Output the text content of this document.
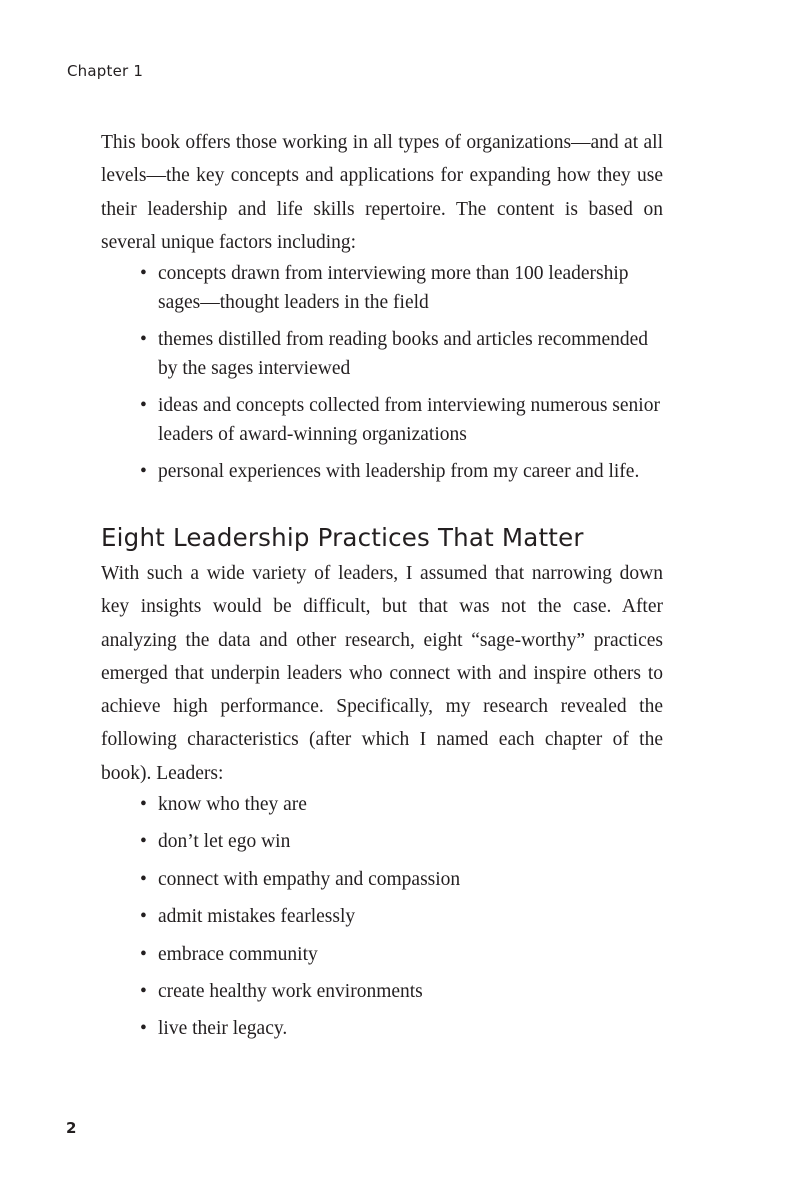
Chapter 1

This book offers those working in all types of organizations—and at all levels—the key concepts and applications for expanding how they use their leadership and life skills repertoire. The content is based on several unique factors including:

• concepts drawn from interviewing more than 100 leadership sages—thought leaders in the field
• themes distilled from reading books and articles recommended by the sages interviewed
• ideas and concepts collected from interviewing numerous senior leaders of award-winning organizations
• personal experiences with leadership from my career and life.
Eight Leadership Practices That Matter

With such a wide variety of leaders, I assumed that narrowing down key insights would be difficult, but that was not the case. After analyzing the data and other research, eight “sage-worthy” practices emerged that underpin leaders who connect with and inspire others to achieve high performance. Specifically, my research revealed the following characteristics (after which I named each chapter of the book). Leaders:

• know who they are
• don’t let ego win
• connect with empathy and compassion
• admit mistakes fearlessly
• embrace community
• create healthy work environments
• live their legacy.
2
